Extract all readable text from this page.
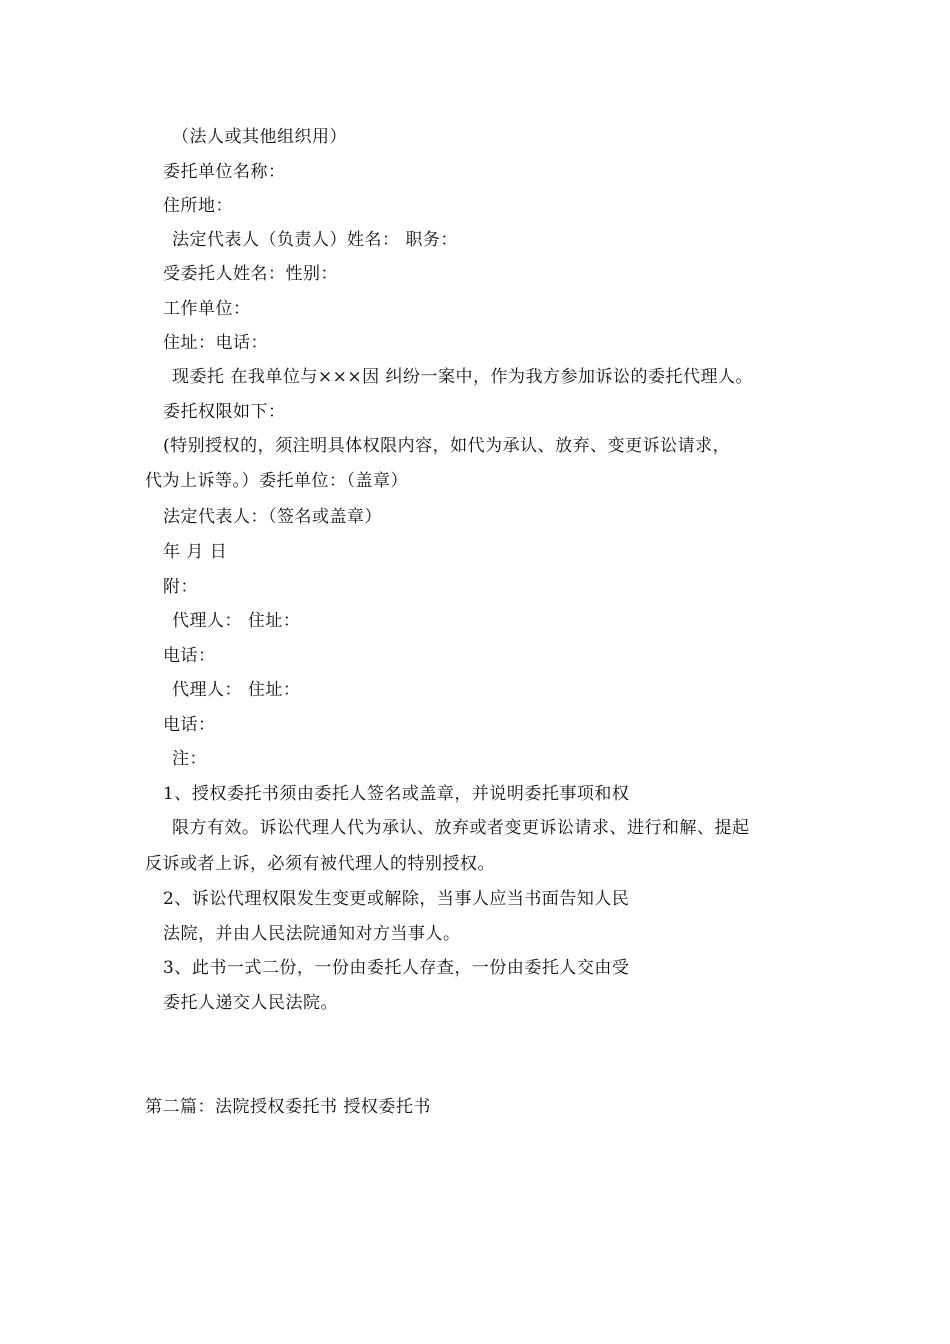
（法人或其他组织用）
委托单位名称：
住所地：
法定代表人（负责人）姓名： 职务：
受委托人姓名：性别：
工作单位：
住址：电话：
现委托 在我单位与×××因 纠纷一案中，作为我方参加诉讼的委托代理人。
委托权限如下：
(特别授权的，须注明具体权限内容，如代为承认、放弃、变更诉讼请求，
代为上诉等。）委托单位：（盖章）
法定代表人：（签名或盖章）
年 月 日
附：
代理人： 住址：
电话：
代理人： 住址：
电话：
注：
1、授权委托书须由委托人签名或盖章，并说明委托事项和权
限方有效。诉讼代理人代为承认、放弃或者变更诉讼请求、进行和解、提起
反诉或者上诉，必须有被代理人的特别授权。
2、诉讼代理权限发生变更或解除，当事人应当书面告知人民
法院，并由人民法院通知对方当事人。
3、此书一式二份，一份由委托人存查，一份由委托人交由受
委托人递交人民法院。
第二篇：法院授权委托书 授权委托书
